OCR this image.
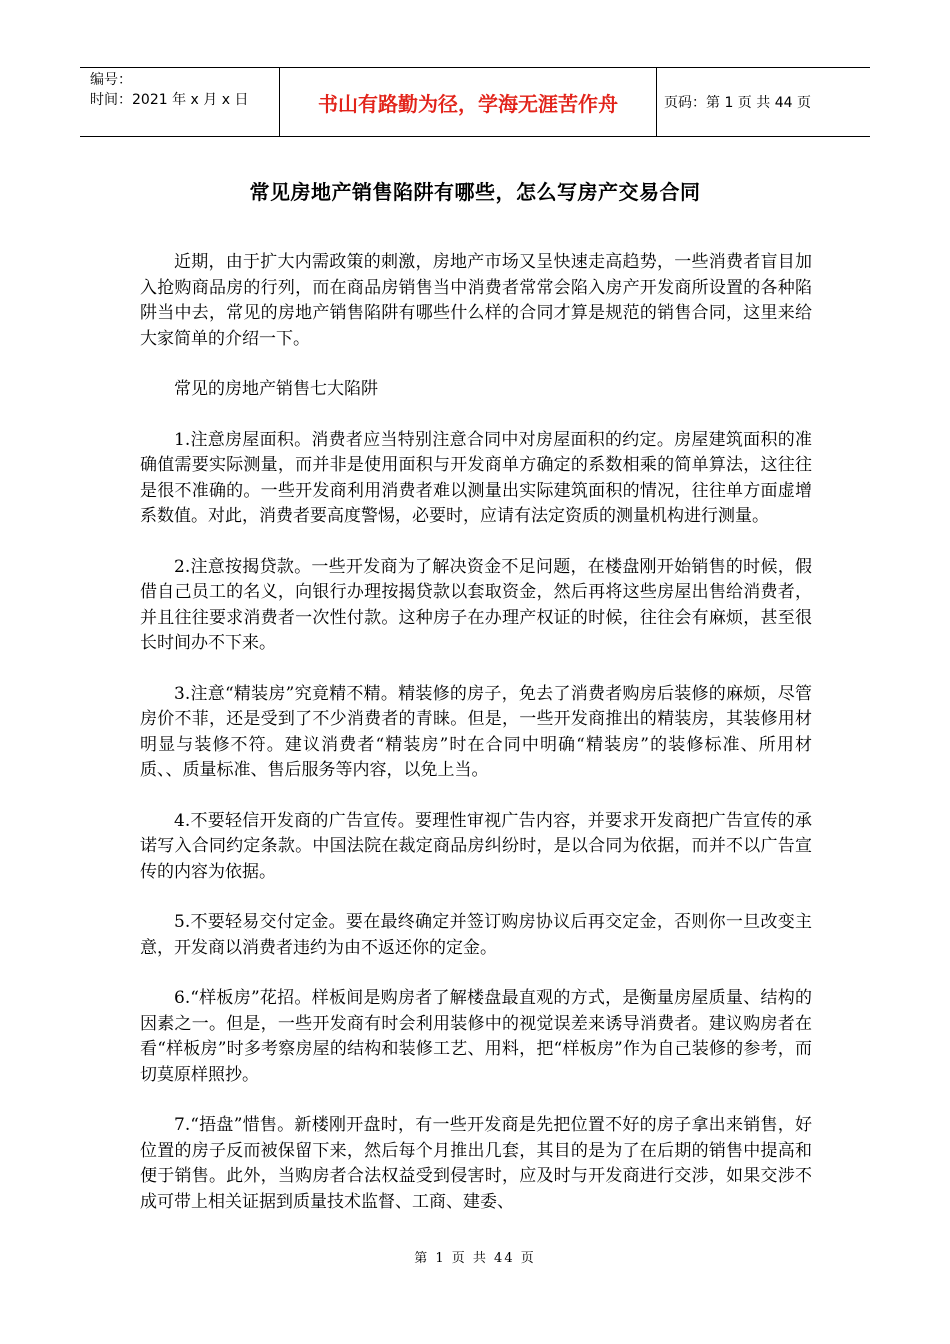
编号：
时间：2021 年 x 月 x 日	书山有路勤为径，学海无涯苦作舟	页码：第 1 页 共 44 页
常见房地产销售陷阱有哪些，怎么写房产交易合同

近期，由于扩大内需政策的刺激，房地产市场又呈快速走高趋势，一些消费者盲目加入抢购商品房的行列，而在商品房销售当中消费者常常会陷入房产开发商所设置的各种陷阱当中去，常见的房地产销售陷阱有哪些什么样的合同才算是规范的销售合同，这里来给大家简单的介绍一下。

常见的房地产销售七大陷阱

1.注意房屋面积。消费者应当特别注意合同中对房屋面积的约定。房屋建筑面积的准确值需要实际测量，而并非是使用面积与开发商单方确定的系数相乘的简单算法，这往往是很不准确的。一些开发商利用消费者难以测量出实际建筑面积的情况，往往单方面虚增系数值。对此，消费者要高度警惕，必要时，应请有法定资质的测量机构进行测量。

2.注意按揭贷款。一些开发商为了解决资金不足问题，在楼盘刚开始销售的时候，假借自己员工的名义，向银行办理按揭贷款以套取资金，然后再将这些房屋出售给消费者，并且往往要求消费者一次性付款。这种房子在办理产权证的时候，往往会有麻烦，甚至很长时间办不下来。

3.注意“精装房”究竟精不精。精装修的房子，免去了消费者购房后装修的麻烦，尽管房价不菲，还是受到了不少消费者的青睐。但是，一些开发商推出的精装房，其装修用材明显与装修不符。建议消费者“精装房”时在合同中明确“精装房”的装修标准、所用材质、、质量标准、售后服务等内容，以免上当。

4.不要轻信开发商的广告宣传。要理性审视广告内容，并要求开发商把广告宣传的承诺写入合同约定条款。中国法院在裁定商品房纠纷时，是以合同为依据，而并不以广告宣传的内容为依据。

5.不要轻易交付定金。要在最终确定并签订购房协议后再交定金，否则你一旦改变主意，开发商以消费者违约为由不返还你的定金。

6.“样板房”花招。样板间是购房者了解楼盘最直观的方式，是衡量房屋质量、结构的因素之一。但是，一些开发商有时会利用装修中的视觉误差来诱导消费者。建议购房者在看“样板房”时多考察房屋的结构和装修工艺、用料，把“样板房”作为自己装修的参考，而切莫原样照抄。

7.“捂盘”惜售。新楼刚开盘时，有一些开发商是先把位置不好的房子拿出来销售，好位置的房子反而被保留下来，然后每个月推出几套，其目的是为了在后期的销售中提高和便于销售。此外，当购房者合法权益受到侵害时，应及时与开发商进行交涉，如果交涉不成可带上相关证据到质量技术监督、工商、建委、

第 1 页 共 44 页
